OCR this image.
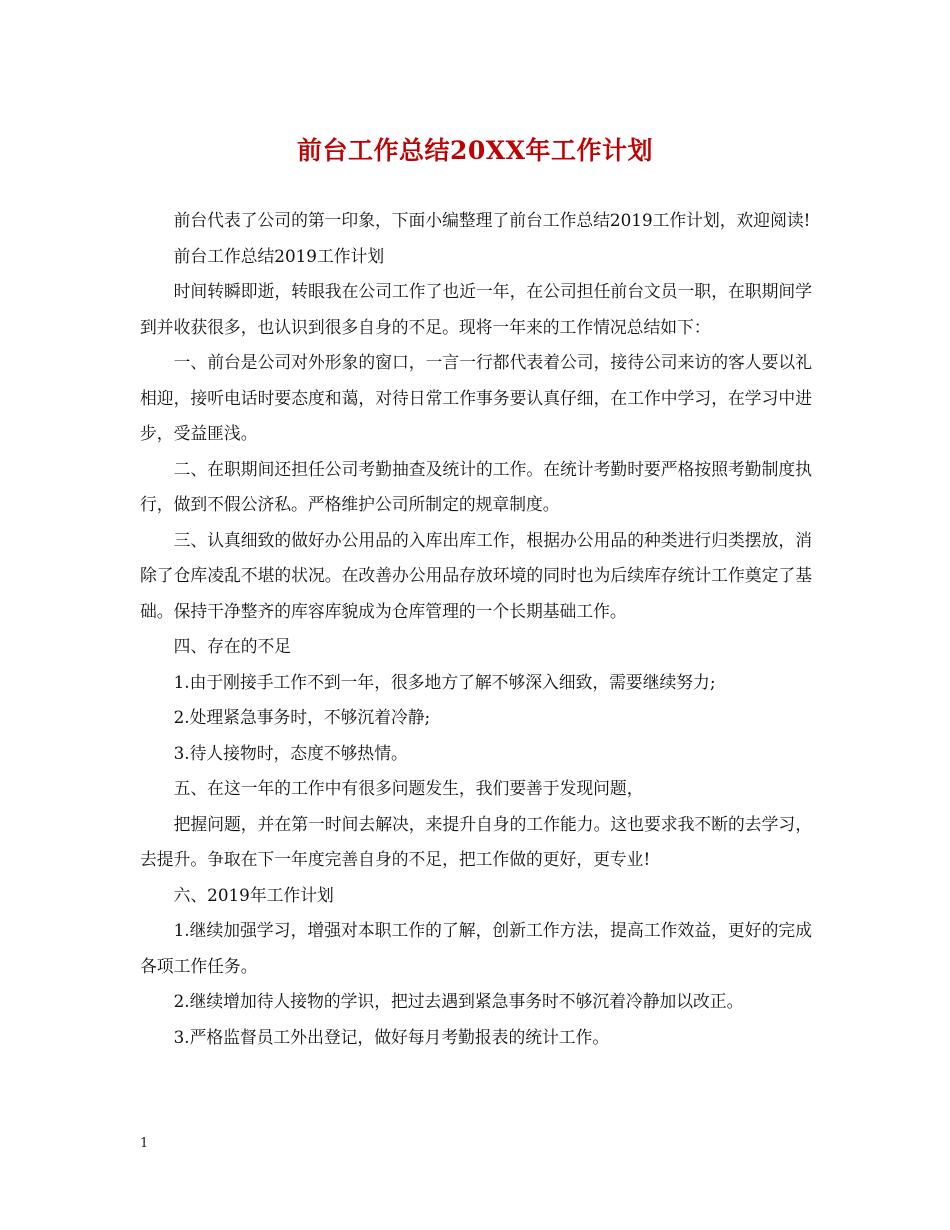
前台工作总结20XX年工作计划

前台代表了公司的第一印象，下面小编整理了前台工作总结2019工作计划，欢迎阅读!

前台工作总结2019工作计划

时间转瞬即逝，转眼我在公司工作了也近一年，在公司担任前台文员一职，在职期间学到并收获很多，也认识到很多自身的不足。现将一年来的工作情况总结如下：

一、前台是公司对外形象的窗口，一言一行都代表着公司，接待公司来访的客人要以礼相迎，接听电话时要态度和蔼，对待日常工作事务要认真仔细，在工作中学习，在学习中进步，受益匪浅。

二、在职期间还担任公司考勤抽查及统计的工作。在统计考勤时要严格按照考勤制度执行，做到不假公济私。严格维护公司所制定的规章制度。

三、认真细致的做好办公用品的入库出库工作，根据办公用品的种类进行归类摆放，消除了仓库凌乱不堪的状况。在改善办公用品存放环境的同时也为后续库存统计工作奠定了基础。保持干净整齐的库容库貌成为仓库管理的一个长期基础工作。

四、存在的不足

1.由于刚接手工作不到一年，很多地方了解不够深入细致，需要继续努力;

2.处理紧急事务时，不够沉着冷静;

3.待人接物时，态度不够热情。

五、在这一年的工作中有很多问题发生，我们要善于发现问题，

把握问题，并在第一时间去解决，来提升自身的工作能力。这也要求我不断的去学习，去提升。争取在下一年度完善自身的不足，把工作做的更好，更专业!

六、2019年工作计划

1.继续加强学习，增强对本职工作的了解，创新工作方法，提高工作效益，更好的完成各项工作任务。

2.继续增加待人接物的学识，把过去遇到紧急事务时不够沉着冷静加以改正。

3.严格监督员工外出登记，做好每月考勤报表的统计工作。

1
